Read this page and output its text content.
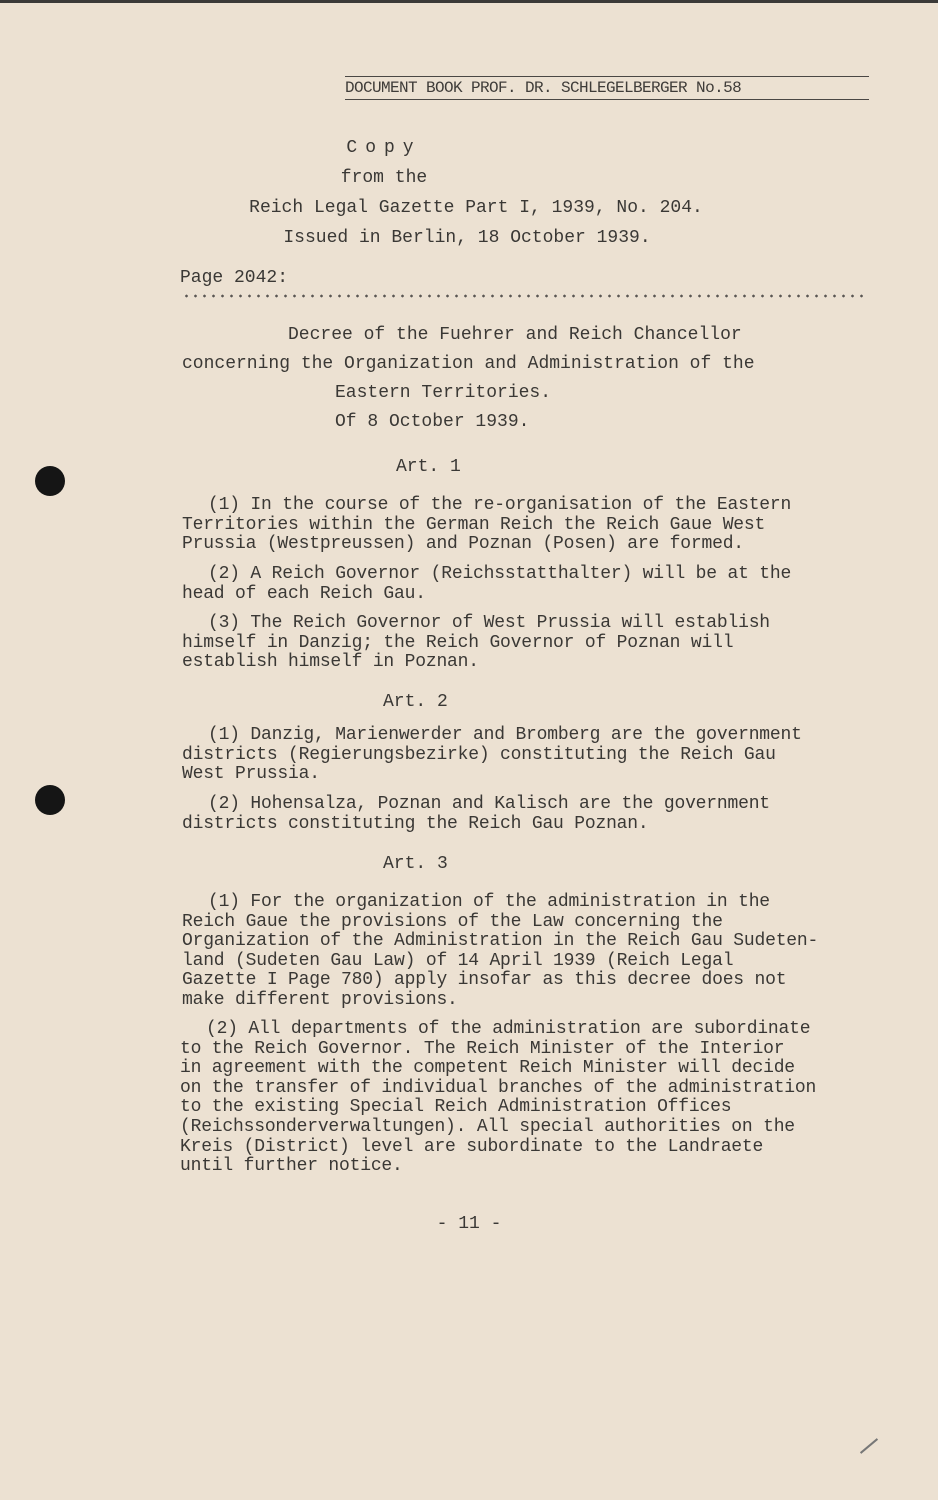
DOCUMENT BOOK PROF. DR. SCHLEGELBERGER No.58
Copy
from the
Reich Legal Gazette Part I, 1939, No. 204.
Issued in Berlin, 18 October 1939.
Page 2042:
Decree of the Fuehrer and Reich Chancellor
concerning the Organization and Administration of the
Eastern Territories.
Of 8 October 1939.
Art. 1
(1) In the course of the re-organisation of the Eastern
Territories within the German Reich the Reich Gaue West
Prussia (Westpreussen) and Poznan (Posen) are formed.
(2) A Reich Governor (Reichsstatthalter) will be at the
head of each Reich Gau.
(3) The Reich Governor of West Prussia will establish
himself in Danzig; the Reich Governor of Poznan will
establish himself in Poznan.
Art. 2
(1) Danzig, Marienwerder and Bromberg are the government
districts (Regierungsbezirke) constituting the Reich Gau
West Prussia.
(2) Hohensalza, Poznan and Kalisch are the government
districts constituting the Reich Gau Poznan.
Art. 3
(1) For the organization of the administration in the
Reich Gaue the provisions of the Law concerning the
Organization of the Administration in the Reich Gau Sudeten-
land (Sudeten Gau Law) of 14 April 1939 (Reich Legal
Gazette I Page 780) apply insofar as this decree does not
make different provisions.
(2) All departments of the administration are subordinate
to the Reich Governor. The Reich Minister of the Interior
in agreement with the competent Reich Minister will decide
on the transfer of individual branches of the administration
to the existing Special Reich Administration Offices
(Reichssonderverwaltungen). All special authorities on the
Kreis (District) level are subordinate to the Landraete
until further notice.
- 11 -
